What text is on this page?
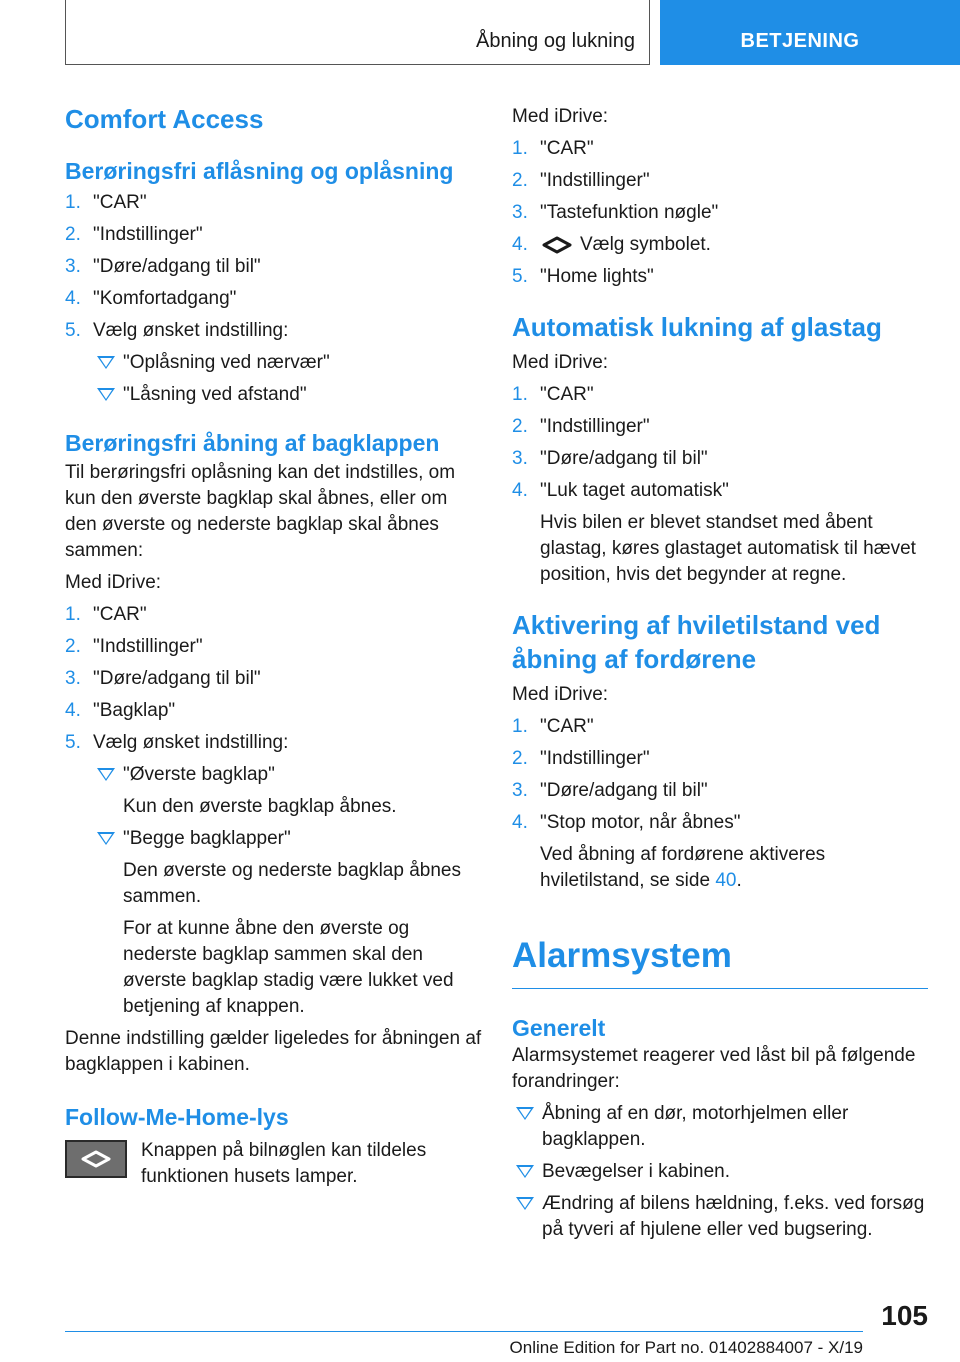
Åbning og lukning	BETJENING
Comfort Access
Berøringsfri aflåsning og oplåsning
1. "CAR"
2. "Indstillinger"
3. "Døre/adgang til bil"
4. "Komfortadgang"
5. Vælg ønsket indstilling:
"Oplåsning ved nærvær"
"Låsning ved afstand"
Berøringsfri åbning af bagklappen
Til berøringsfri oplåsning kan det indstilles, om kun den øverste bagklap skal åbnes, eller om den øverste og nederste bagklap skal åbnes sammen:
Med iDrive:
1. "CAR"
2. "Indstillinger"
3. "Døre/adgang til bil"
4. "Bagklap"
5. Vælg ønsket indstilling:
"Øverste bagklap"
Kun den øverste bagklap åbnes.
"Begge bagklapper"
Den øverste og nederste bagklap åbnes sammen.
For at kunne åbne den øverste og nederste bagklap sammen skal den øverste bagklap stadig være lukket ved betjening af knappen.
Denne indstilling gælder ligeledes for åbningen af bagklappen i kabinen.
Follow-Me-Home-lys
Knappen på bilnøglen kan tildeles funktionen husets lamper.
Med iDrive:
1. "CAR"
2. "Indstillinger"
3. "Tastefunktion nøgle"
4.	Vælg symbolet.
5. "Home lights"
Automatisk lukning af glastag
Med iDrive:
1. "CAR"
2. "Indstillinger"
3. "Døre/adgang til bil"
4. "Luk taget automatisk"
Hvis bilen er blevet standset med åbent glastag, køres glastaget automatisk til hævet position, hvis det begynder at regne.
Aktivering af hviletilstand ved åbning af fordørene
Med iDrive:
1. "CAR"
2. "Indstillinger"
3. "Døre/adgang til bil"
4. "Stop motor, når åbnes"
Ved åbning af fordørene aktiveres hviletilstand, se side 40.
Alarmsystem
Generelt
Alarmsystemet reagerer ved låst bil på følgende forandringer:
Åbning af en dør, motorhjelmen eller bagklappen.
Bevægelser i kabinen.
Ændring af bilens hældning, f.eks. ved forsøg på tyveri af hjulene eller ved bugsering.
105
Online Edition for Part no. 01402884007 - X/19
